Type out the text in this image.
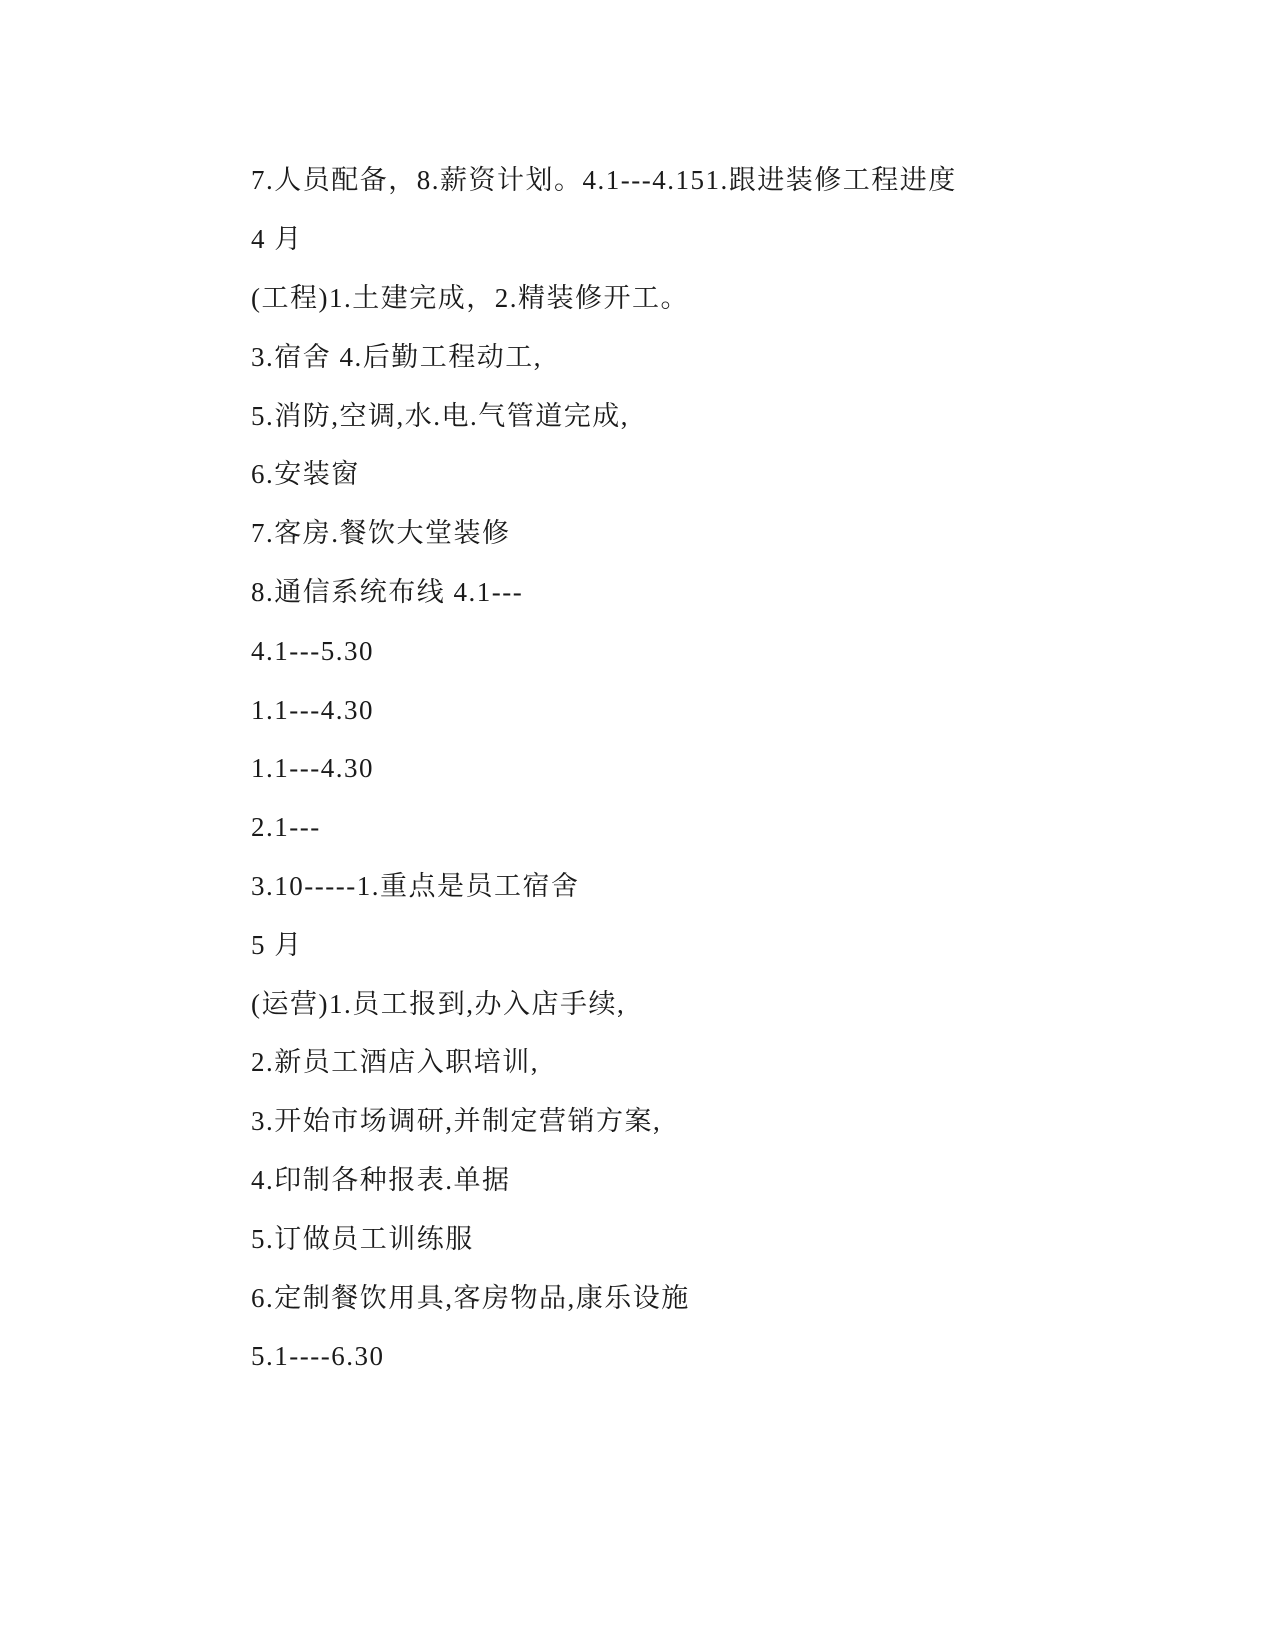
7.人员配备，8.薪资计划。4.1---4.151.跟进装修工程进度

4 月

(工程)1.土建完成，2.精装修开工。

3.宿舍 4.后勤工程动工,

5.消防,空调,水.电.气管道完成,

6.安装窗

7.客房.餐饮大堂装修

8.通信系统布线 4.1---

4.1---5.30

1.1---4.30

1.1---4.30

2.1---

3.10-----1.重点是员工宿舍

5 月

(运营)1.员工报到,办入店手续,

2.新员工酒店入职培训,

3.开始市场调研,并制定营销方案,

4.印制各种报表.单据

5.订做员工训练服

6.定制餐饮用具,客房物品,康乐设施

5.1----6.30
